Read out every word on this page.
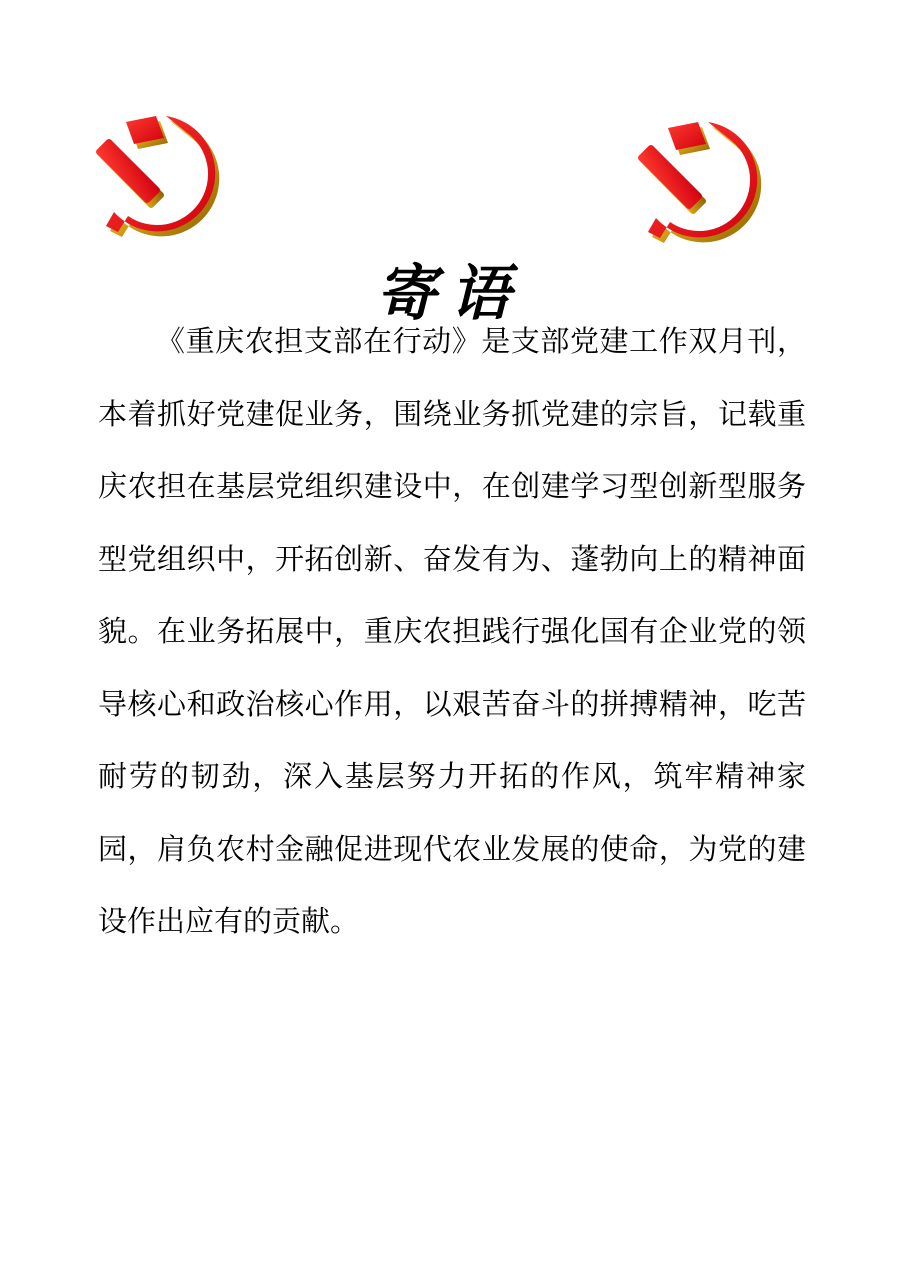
寄语

《重庆农担支部在行动》是支部党建工作双月刊，本着抓好党建促业务，围绕业务抓党建的宗旨，记载重庆农担在基层党组织建设中，在创建学习型创新型服务型党组织中，开拓创新、奋发有为、蓬勃向上的精神面貌。在业务拓展中，重庆农担践行强化国有企业党的领导核心和政治核心作用，以艰苦奋斗的拼搏精神，吃苦耐劳的韧劲，深入基层努力开拓的作风，筑牢精神家园，肩负农村金融促进现代农业发展的使命，为党的建设作出应有的贡献。
